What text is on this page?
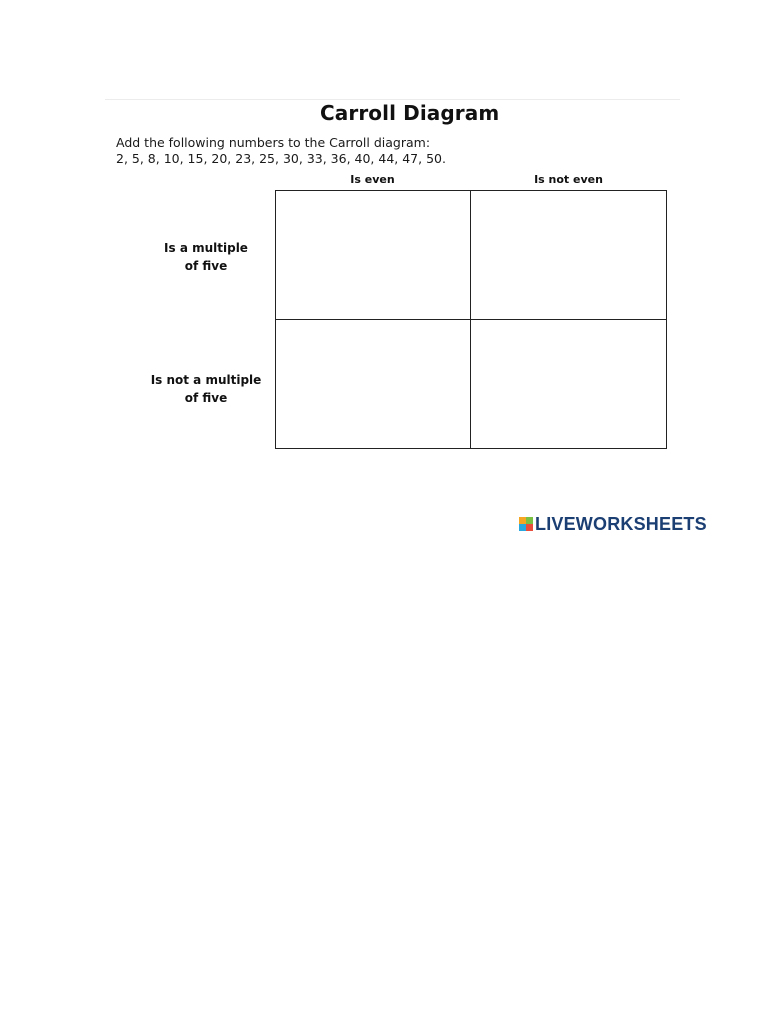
Carroll Diagram
Add the following numbers to the Carroll diagram:
2, 5, 8, 10, 15, 20, 23, 25, 30, 33, 36, 40, 44, 47, 50.
Is even	Is not even
Is a multiple
of five
Is not a multiple
of five
LIVEWORKSHEETS
